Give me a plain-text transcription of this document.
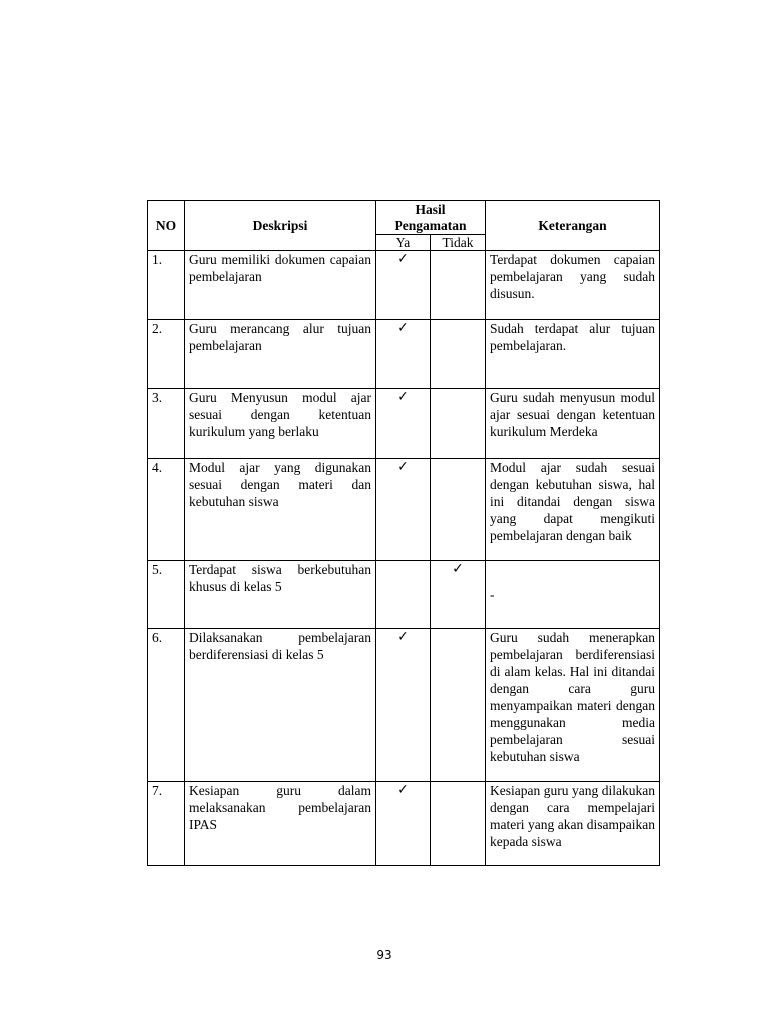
NO	Deskripsi	Hasil Pengamatan		Keterangan
		Ya	Tidak	
1.	Guru memiliki dokumen capaian pembelajaran	✓		Terdapat dokumen capaian pembelajaran yang sudah disusun.
2.	Guru merancang alur tujuan pembelajaran	✓		Sudah terdapat alur tujuan pembelajaran.
3.	Guru Menyusun modul ajar sesuai dengan ketentuan kurikulum yang berlaku	✓		Guru sudah menyusun modul ajar sesuai dengan ketentuan kurikulum Merdeka
4.	Modul ajar yang digunakan sesuai dengan materi dan kebutuhan siswa	✓		Modul ajar sudah sesuai dengan kebutuhan siswa, hal ini ditandai dengan siswa yang dapat mengikuti pembelajaran dengan baik
5.	Terdapat siswa berkebutuhan khusus di kelas 5		✓	-
6.	Dilaksanakan pembelajaran berdiferensiasi di kelas 5	✓		Guru sudah menerapkan pembelajaran berdiferensiasi di alam kelas. Hal ini ditandai dengan cara guru menyampaikan materi dengan menggunakan media pembelajaran sesuai kebutuhan siswa
7.	Kesiapan guru dalam melaksanakan pembelajaran IPAS	✓		Kesiapan guru yang dilakukan dengan cara mempelajari materi yang akan disampaikan kepada siswa
93
